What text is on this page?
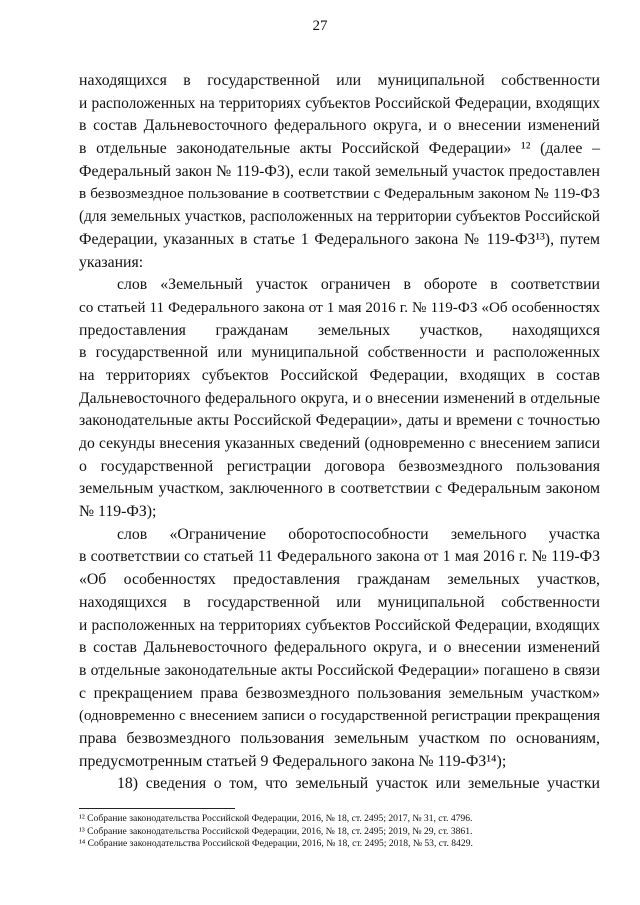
27
находящихся в государственной или муниципальной собственности
и расположенных на территориях субъектов Российской Федерации, входящих
в состав Дальневосточного федерального округа, и о внесении изменений
в отдельные законодательные акты Российской Федерации» ¹² (далее –
Федеральный закон № 119-ФЗ), если такой земельный участок предоставлен
в безвозмездное пользование в соответствии с Федеральным законом № 119-ФЗ
(для земельных участков, расположенных на территории субъектов Российской
Федерации, указанных в статье 1 Федерального закона № 119-ФЗ¹³), путем
указания:
слов «Земельный участок ограничен в обороте в соответствии
со статьей 11 Федерального закона от 1 мая 2016 г. № 119-ФЗ «Об особенностях
предоставления гражданам земельных участков, находящихся
в государственной или муниципальной собственности и расположенных
на территориях субъектов Российской Федерации, входящих в состав
Дальневосточного федерального округа, и о внесении изменений в отдельные
законодательные акты Российской Федерации», даты и времени с точностью
до секунды внесения указанных сведений (одновременно с внесением записи
о государственной регистрации договора безвозмездного пользования
земельным участком, заключенного в соответствии с Федеральным законом
№ 119-ФЗ);
слов «Ограничение оборотоспособности земельного участка
в соответствии со статьей 11 Федерального закона от 1 мая 2016 г. № 119-ФЗ
«Об особенностях предоставления гражданам земельных участков,
находящихся в государственной или муниципальной собственности
и расположенных на территориях субъектов Российской Федерации, входящих
в состав Дальневосточного федерального округа, и о внесении изменений
в отдельные законодательные акты Российской Федерации» погашено в связи
с прекращением права безвозмездного пользования земельным участком»
(одновременно с внесением записи о государственной регистрации прекращения
права безвозмездного пользования земельным участком по основаниям,
предусмотренным статьей 9 Федерального закона № 119-ФЗ¹⁴);
18) сведения о том, что земельный участок или земельные участки
¹² Собрание законодательства Российской Федерации, 2016, № 18, ст. 2495; 2017, № 31, ст. 4796.
¹³ Собрание законодательства Российской Федерации, 2016, № 18, ст. 2495; 2019, № 29, ст. 3861.
¹⁴ Собрание законодательства Российской Федерации, 2016, № 18, ст. 2495; 2018, № 53, ст. 8429.
